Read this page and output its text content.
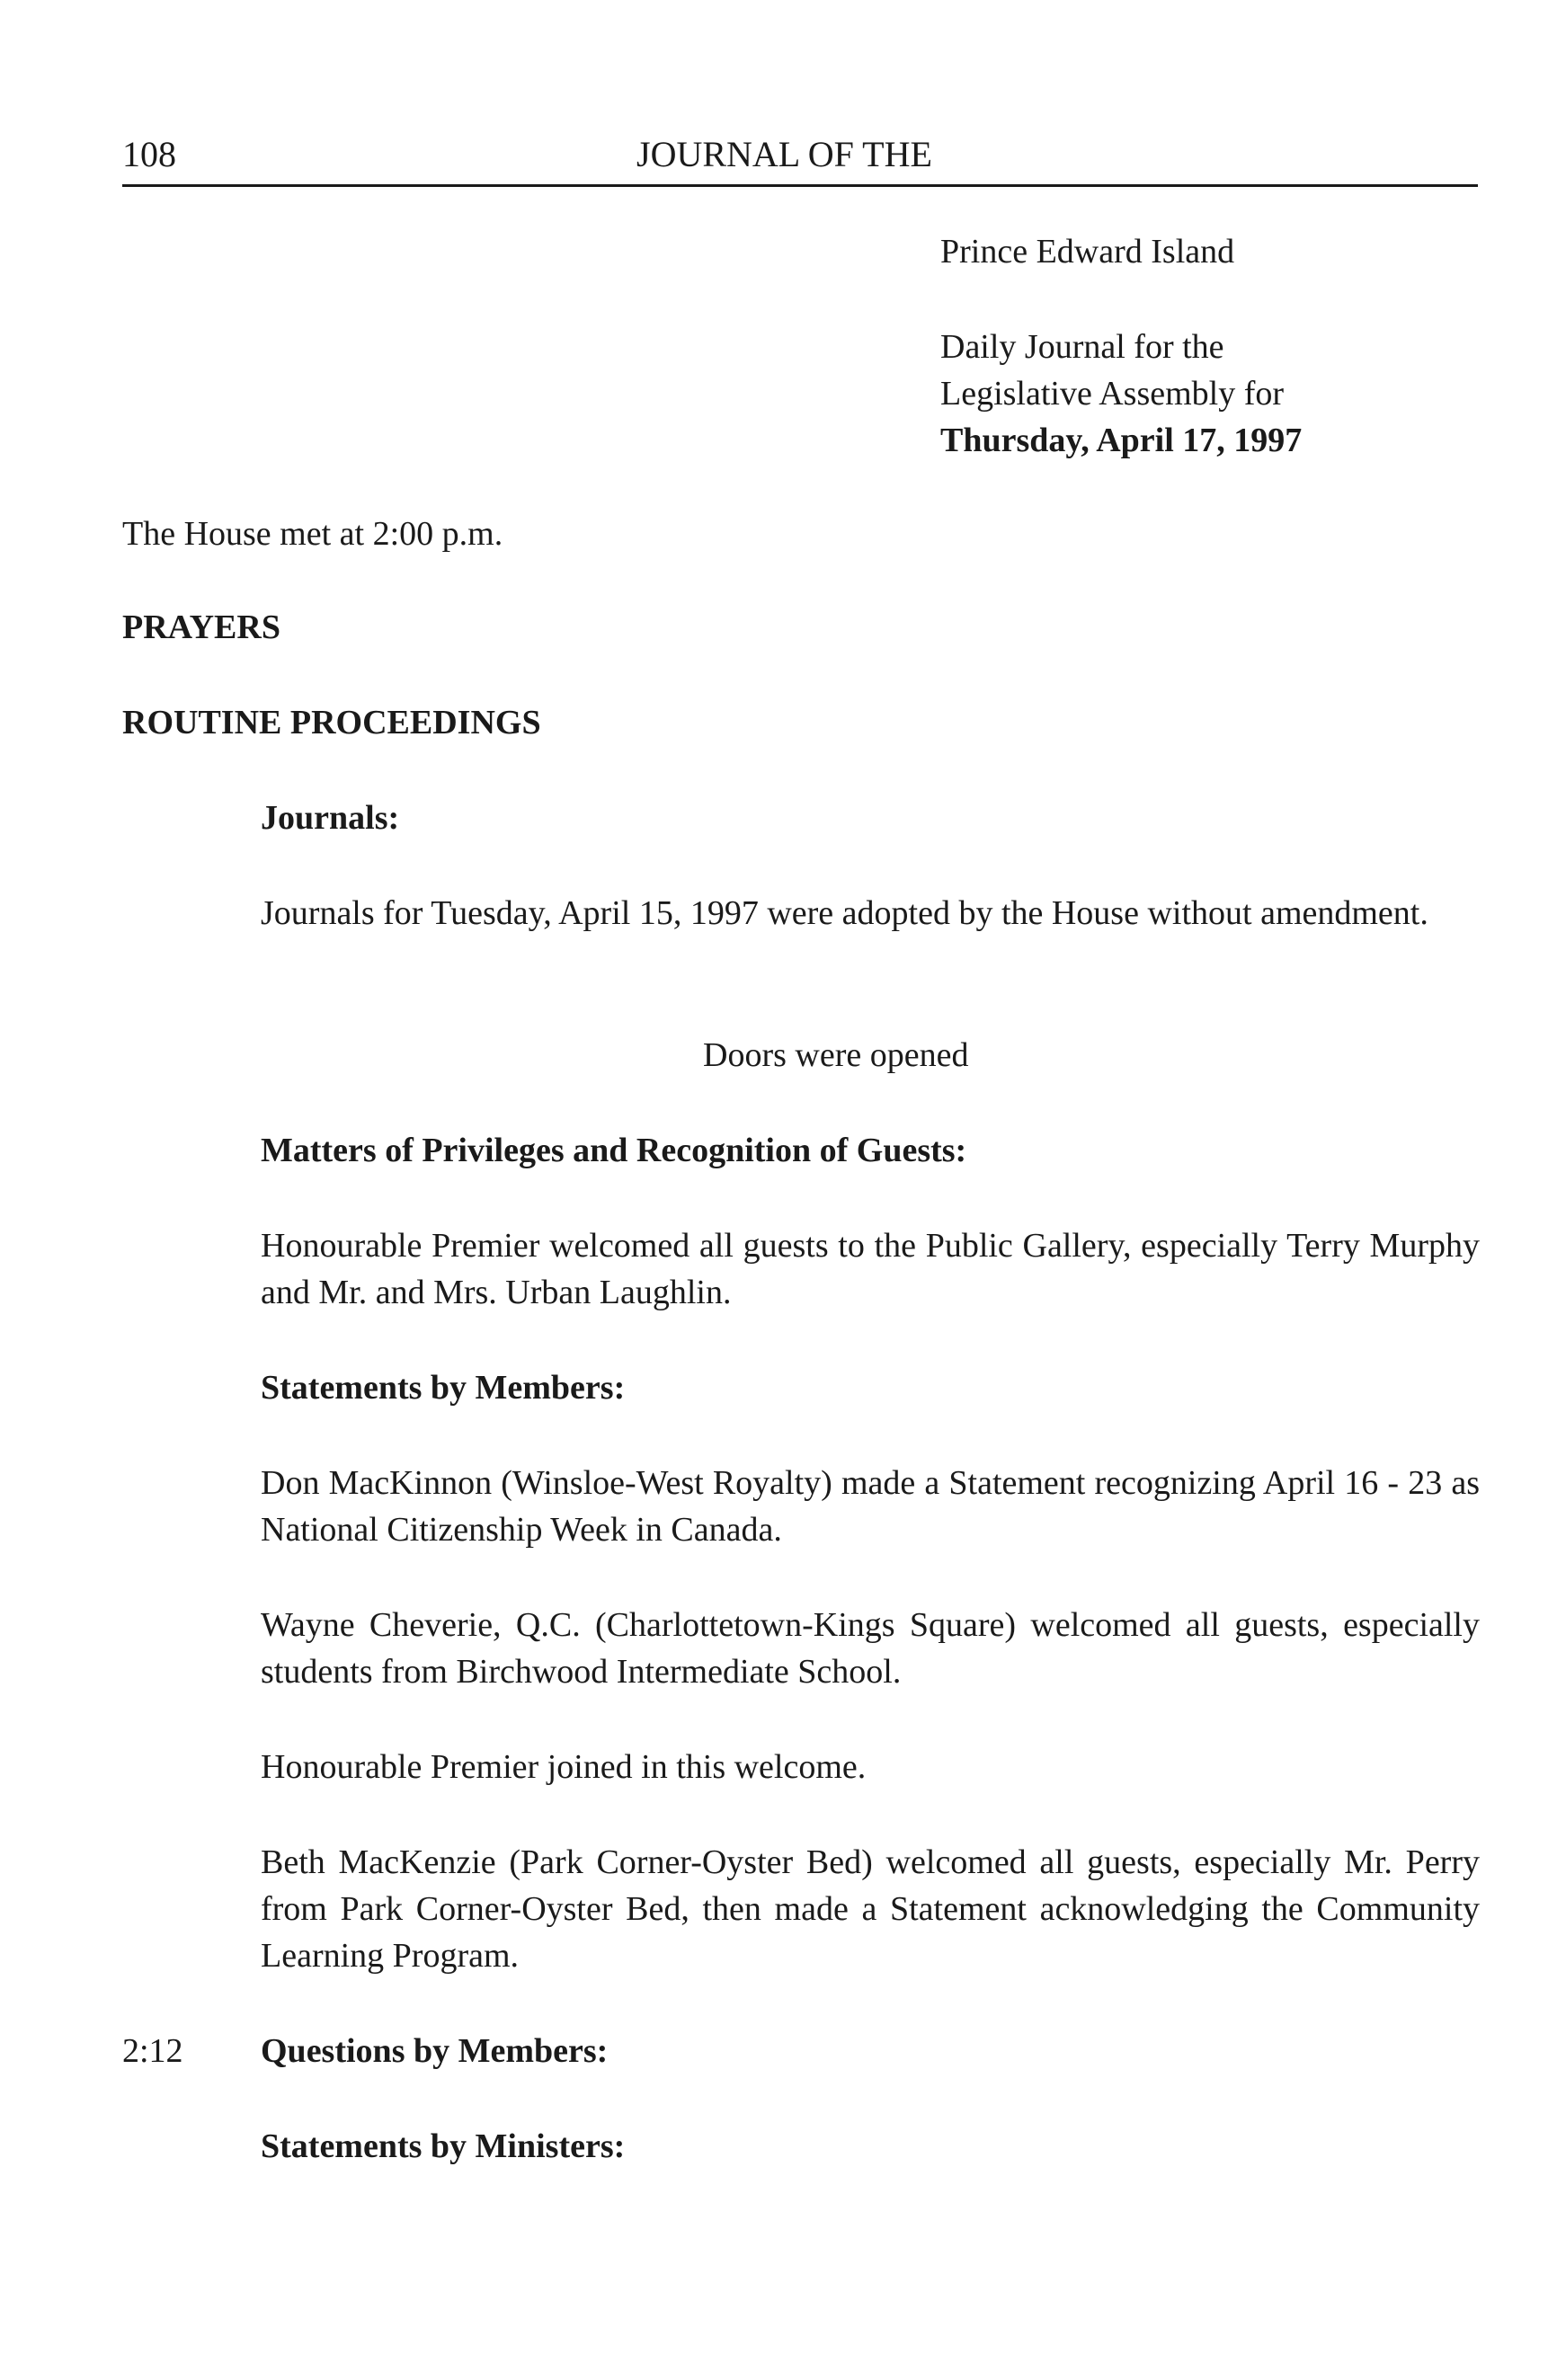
108	JOURNAL OF THE
Prince Edward Island
Daily Journal for the
Legislative Assembly for
Thursday, April 17, 1997
The House met at 2:00 p.m.
PRAYERS
ROUTINE PROCEEDINGS
Journals:
Journals for Tuesday, April 15, 1997 were adopted by the House without amendment.
Doors were opened
Matters of Privileges and Recognition of Guests:
Honourable Premier welcomed all guests to the Public Gallery, especially Terry Murphy and Mr. and Mrs. Urban Laughlin.
Statements by Members:
Don MacKinnon (Winsloe-West Royalty) made a Statement recognizing April 16 - 23 as National Citizenship Week in Canada.
Wayne Cheverie, Q.C. (Charlottetown-Kings Square) welcomed all guests, especially students from Birchwood Intermediate School.
Honourable Premier joined in this welcome.
Beth MacKenzie (Park Corner-Oyster Bed) welcomed all guests, especially Mr. Perry from Park Corner-Oyster Bed, then made a Statement acknowledging the Community Learning Program.
2:12 Questions by Members:
Statements by Ministers:
